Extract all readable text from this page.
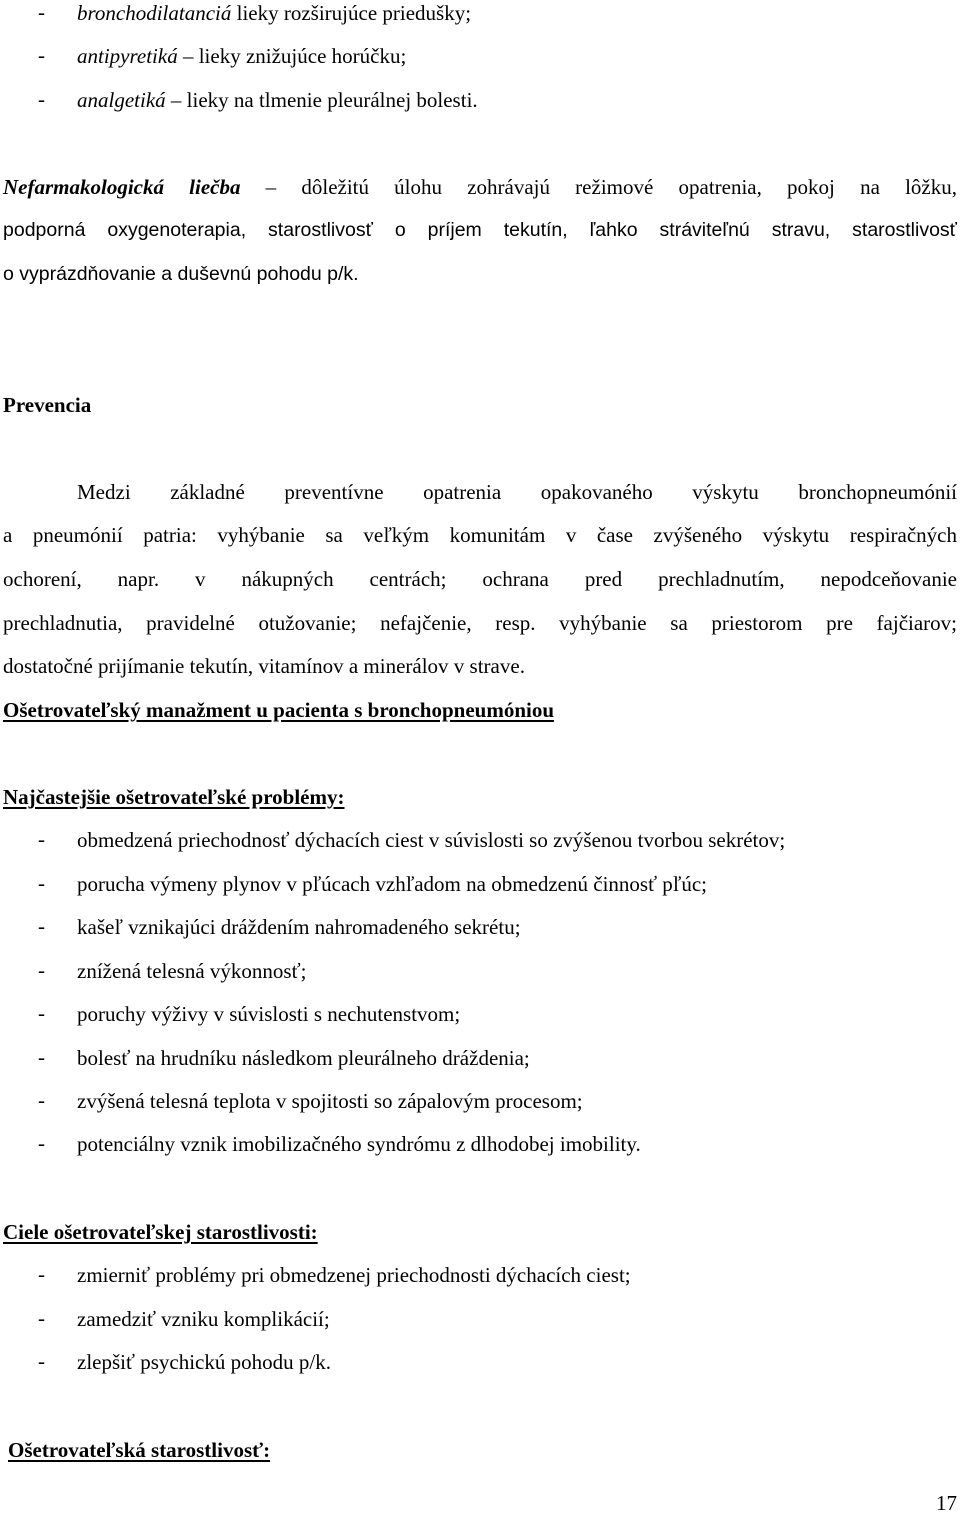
- bronchodilatanciá lieky rozširujúce priedušky;
- antipyretiká – lieky znižujúce horúčku;
- analgetiká – lieky na tlmenie pleurálnej bolesti.
Nefarmakologická liečba – dôležitú úlohu zohrávajú režimové opatrenia, pokoj na lôžku,
podporná oxygenoterapia, starostlivosť o príjem tekutín, ľahko stráviteľnú stravu, starostlivosť
o vyprázdňovanie a duševnú pohodu p/k.
Prevencia
Medzi základné preventívne opatrenia opakovaného výskytu bronchopneumónií
a pneumónií patria: vyhýbanie sa veľkým komunitám v čase zvýšeného výskytu respiračných
ochorení, napr. v nákupných centrách; ochrana pred prechladnutím, nepodceňovanie
prechladnutia, pravidelné otužovanie; nefajčenie, resp. vyhýbanie sa priestorom pre fajčiarov;
dostatočné prijímanie tekutín, vitamínov a minerálov v strave.
Ošetrovateľský manažment u pacienta s bronchopneumóniou
Najčastejšie ošetrovateľské problémy:
- obmedzená priechodnosť dýchacích ciest v súvislosti so zvýšenou tvorbou sekrétov;
- porucha výmeny plynov v pľúcach vzhľadom na obmedzenú činnosť pľúc;
- kašeľ vznikajúci dráždením nahromadeného sekrétu;
- znížená telesná výkonnosť;
- poruchy výživy v súvislosti s nechutenstvom;
- bolesť na hrudníku následkom pleurálneho dráždenia;
- zvýšená telesná teplota v spojitosti so zápalovým procesom;
- potenciálny vznik imobilizačného syndrómu z dlhodobej imobility.
Ciele ošetrovateľskej starostlivosti:
- zmierniť problémy pri obmedzenej priechodnosti dýchacích ciest;
- zamedziť vzniku komplikácií;
- zlepšiť psychickú pohodu p/k.
Ošetrovateľská starostlivosť:
17
